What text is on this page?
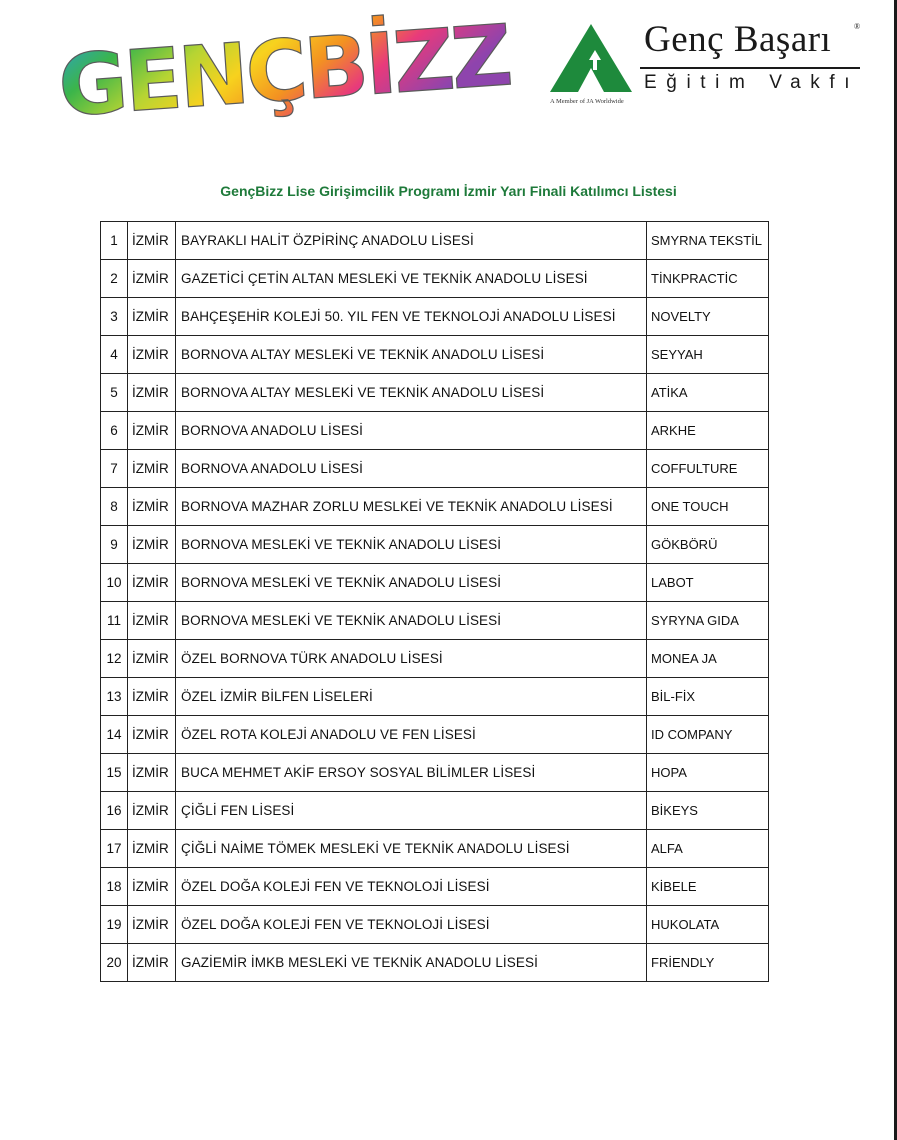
GENÇBİZZ	A Member of JA Worldwide
Genç Başarı	®
Eğitim Vakfı
GençBizz Lise Girişimcilik Programı İzmir Yarı Finali Katılımcı Listesi
1	İZMİR	BAYRAKLI HALİT ÖZPİRİNÇ ANADOLU LİSESİ	SMYRNA TEKSTİL
2	İZMİR	GAZETİCİ ÇETİN ALTAN MESLEKİ VE TEKNİK ANADOLU LİSESİ	TİNKPRACTİC
3	İZMİR	BAHÇEŞEHİR KOLEJİ 50. YIL FEN VE TEKNOLOJİ ANADOLU LİSESİ	NOVELTY
4	İZMİR	BORNOVA ALTAY MESLEKİ VE TEKNİK ANADOLU LİSESİ	SEYYAH
5	İZMİR	BORNOVA ALTAY MESLEKİ VE TEKNİK ANADOLU LİSESİ	ATİKA
6	İZMİR	BORNOVA ANADOLU LİSESİ	ARKHE
7	İZMİR	BORNOVA ANADOLU LİSESİ	COFFULTURE
8	İZMİR	BORNOVA MAZHAR ZORLU MESLKEİ VE TEKNİK ANADOLU LİSESİ	ONE TOUCH
9	İZMİR	BORNOVA MESLEKİ VE TEKNİK ANADOLU LİSESİ	GÖKBÖRÜ
10	İZMİR	BORNOVA MESLEKİ VE TEKNİK ANADOLU LİSESİ	LABOT
11	İZMİR	BORNOVA MESLEKİ VE TEKNİK ANADOLU LİSESİ	SYRYNA GIDA
12	İZMİR	ÖZEL BORNOVA TÜRK ANADOLU LİSESİ	MONEA JA
13	İZMİR	ÖZEL İZMİR BİLFEN LİSELERİ	BİL-FİX
14	İZMİR	ÖZEL ROTA KOLEJİ ANADOLU VE FEN LİSESİ	ID COMPANY
15	İZMİR	BUCA MEHMET AKİF ERSOY SOSYAL BİLİMLER LİSESİ	HOPA
16	İZMİR	ÇİĞLİ FEN LİSESİ	BİKEYS
17	İZMİR	ÇİĞLİ NAİME TÖMEK MESLEKİ VE TEKNİK ANADOLU LİSESİ	ALFA
18	İZMİR	ÖZEL DOĞA KOLEJİ FEN VE TEKNOLOJİ LİSESİ	KİBELE
19	İZMİR	ÖZEL DOĞA KOLEJİ FEN VE TEKNOLOJİ LİSESİ	HUKOLATA
20	İZMİR	GAZİEMİR İMKB MESLEKİ VE TEKNİK ANADOLU LİSESİ	FRİENDLY
